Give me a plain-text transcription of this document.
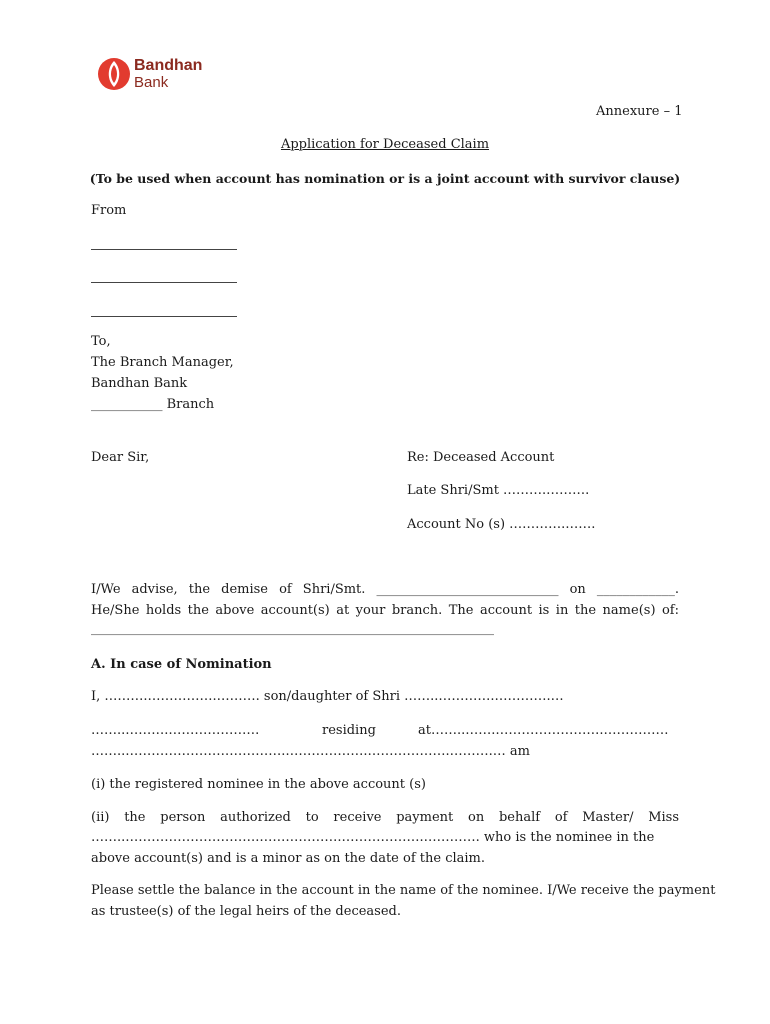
Bandhan
Bank
Annexure – 1
Application for Deceased Claim
(To be used when account has nomination or is a joint account with survivor clause)
From
To,
The Branch Manager,
Bandhan Bank
___________ Branch
Dear Sir,	Re: Deceased Account
Late Shri/Smt ……….……….
Account No (s) ………….…….
I/We advise, the demise of Shri/Smt. ____________________________ on ____________.
He/She holds the above account(s) at your branch. The account is in the name(s) of:
______________________________________________________________
A. In case of Nomination
I, ……….…………….………. son/daughter of Shri ……..………….………….…
……..……….…………………	residing	at……..…….…………………….……………
……..……………………………….……………….……………….……….… am
(i) the registered nominee in the above account (s)
(ii) the person authorized to receive payment on behalf of Master/ Miss
……..………………………….……………….……………….…………. who is the nominee in the
above account(s) and is a minor as on the date of the claim.
Please settle the balance in the account in the name of the nominee. I/We receive the payment
as trustee(s) of the legal heirs of the deceased.
